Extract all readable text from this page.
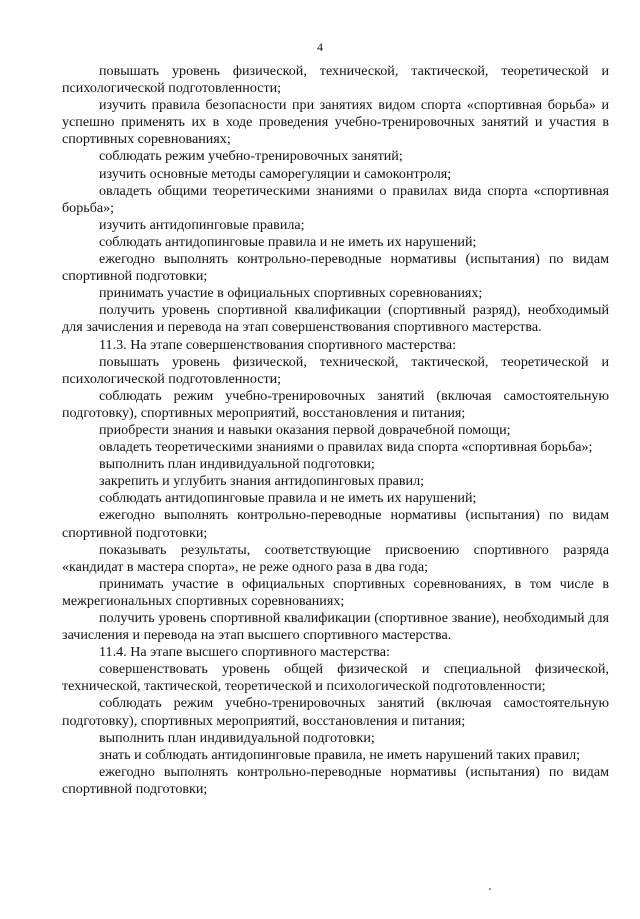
4

повышать уровень физической, технической, тактической, теоретической и психологической подготовленности;

изучить правила безопасности при занятиях видом спорта «спортивная борьба» и успешно применять их в ходе проведения учебно-тренировочных занятий и участия в спортивных соревнованиях;

соблюдать режим учебно-тренировочных занятий;

изучить основные методы саморегуляции и самоконтроля;

овладеть общими теоретическими знаниями о правилах вида спорта «спортивная борьба»;

изучить антидопинговые правила;

соблюдать антидопинговые правила и не иметь их нарушений;

ежегодно выполнять контрольно-переводные нормативы (испытания) по видам спортивной подготовки;

принимать участие в официальных спортивных соревнованиях;

получить уровень спортивной квалификации (спортивный разряд), необходимый для зачисления и перевода на этап совершенствования спортивного мастерства.

11.3. На этапе совершенствования спортивного мастерства:

повышать уровень физической, технической, тактической, теоретической и психологической подготовленности;

соблюдать режим учебно-тренировочных занятий (включая самостоятельную подготовку), спортивных мероприятий, восстановления и питания;

приобрести знания и навыки оказания первой доврачебной помощи;

овладеть теоретическими знаниями о правилах вида спорта «спортивная борьба»;

выполнить план индивидуальной подготовки;

закрепить и углубить знания антидопинговых правил;

соблюдать антидопинговые правила и не иметь их нарушений;

ежегодно выполнять контрольно-переводные нормативы (испытания) по видам спортивной подготовки;

показывать результаты, соответствующие присвоению спортивного разряда «кандидат в мастера спорта», не реже одного раза в два года;

принимать участие в официальных спортивных соревнованиях, в том числе в межрегиональных спортивных соревнованиях;

получить уровень спортивной квалификации (спортивное звание), необходимый для зачисления и перевода на этап высшего спортивного мастерства.

11.4. На этапе высшего спортивного мастерства:

совершенствовать уровень общей физической и специальной физической, технической, тактической, теоретической и психологической подготовленности;

соблюдать режим учебно-тренировочных занятий (включая самостоятельную подготовку), спортивных мероприятий, восстановления и питания;

выполнить план индивидуальной подготовки;

знать и соблюдать антидопинговые правила, не иметь нарушений таких правил;

ежегодно выполнять контрольно-переводные нормативы (испытания) по видам спортивной подготовки;
